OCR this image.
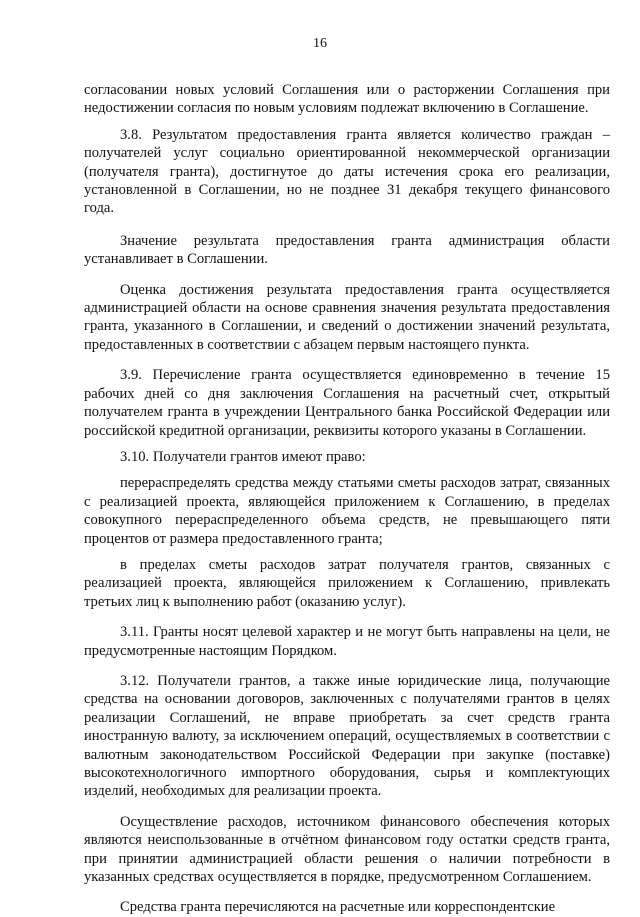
16

согласовании новых условий Соглашения или о расторжении Соглашения при недостижении согласия по новым условиям подлежат включению в Соглашение.

3.8. Результатом предоставления гранта является количество граждан – получателей услуг социально ориентированной некоммерческой организации (получателя гранта), достигнутое до даты истечения срока его реализации, установленной в Соглашении, но не позднее 31 декабря текущего финансового года.

Значение результата предоставления гранта администрация области устанавливает в Соглашении.

Оценка достижения результата предоставления гранта осуществляется администрацией области на основе сравнения значения результата предоставления гранта, указанного в Соглашении, и сведений о достижении значений результата, предоставленных в соответствии с абзацем первым настоящего пункта.

3.9. Перечисление гранта осуществляется единовременно в течение 15 рабочих дней со дня заключения Соглашения на расчетный счет, открытый получателем гранта в учреждении Центрального банка Российской Федерации или российской кредитной организации, реквизиты которого указаны в Соглашении.

3.10. Получатели грантов имеют право:

перераспределять средства между статьями сметы расходов затрат, связанных с реализацией проекта, являющейся приложением к Соглашению, в пределах совокупного перераспределенного объема средств, не превышающего пяти процентов от размера предоставленного гранта;

в пределах сметы расходов затрат получателя грантов, связанных с реализацией проекта, являющейся приложением к Соглашению, привлекать третьих лиц к выполнению работ (оказанию услуг).

3.11. Гранты носят целевой характер и не могут быть направлены на цели, не предусмотренные настоящим Порядком.

3.12. Получатели грантов, а также иные юридические лица, получающие средства на основании договоров, заключенных с получателями грантов в целях реализации Соглашений, не вправе приобретать за счет средств гранта иностранную валюту, за исключением операций, осуществляемых в соответствии с валютным законодательством Российской Федерации при закупке (поставке) высокотехнологичного импортного оборудования, сырья и комплектующих изделий, необходимых для реализации проекта.

Осуществление расходов, источником финансового обеспечения которых являются неиспользованные в отчётном финансовом году остатки средств гранта, при принятии администрацией области решения о наличии потребности в указанных средствах осуществляется в порядке, предусмотренном Соглашением.

Средства гранта перечисляются на расчетные или корреспондентские
